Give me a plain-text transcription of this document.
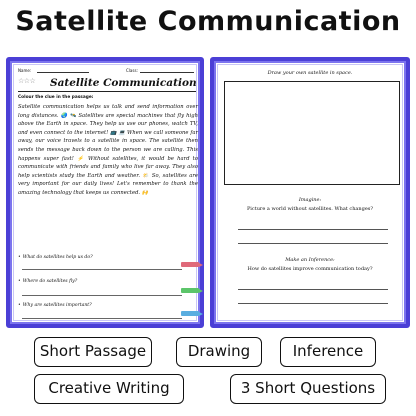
Satellite Communication
Name:	Class:
☆☆☆ Satellite Communication
Colour the clue in the passage:
Satellite communication helps us talk and send information over long distances. 🌏 🛰️ Satellites are special machines that fly high above the Earth in space. They help us use our phones, watch TV, and even connect to the internet! 📺 💻 When we call someone far away, our voice travels to a satellite in space. The satellite then sends the message back down to the person we are calling. This happens super fast! ⚡ Without satellites, it would be hard to communicate with friends and family who live far away. They also help scientists study the Earth and weather. 🌤️ So, satellites are very important for our daily lives! Let's remember to thank the amazing technology that keeps us connected. 🙌
• What do satellites help us do?
• Where do satellites fly?
• Why are satellites important?
Draw your own satellite in space.
Imagine:
Picture a world without satellites. What changes?
Make an Inference:
How do satellites improve communication today?
Short Passage	Drawing	Inference
Creative Writing	3 Short Questions
